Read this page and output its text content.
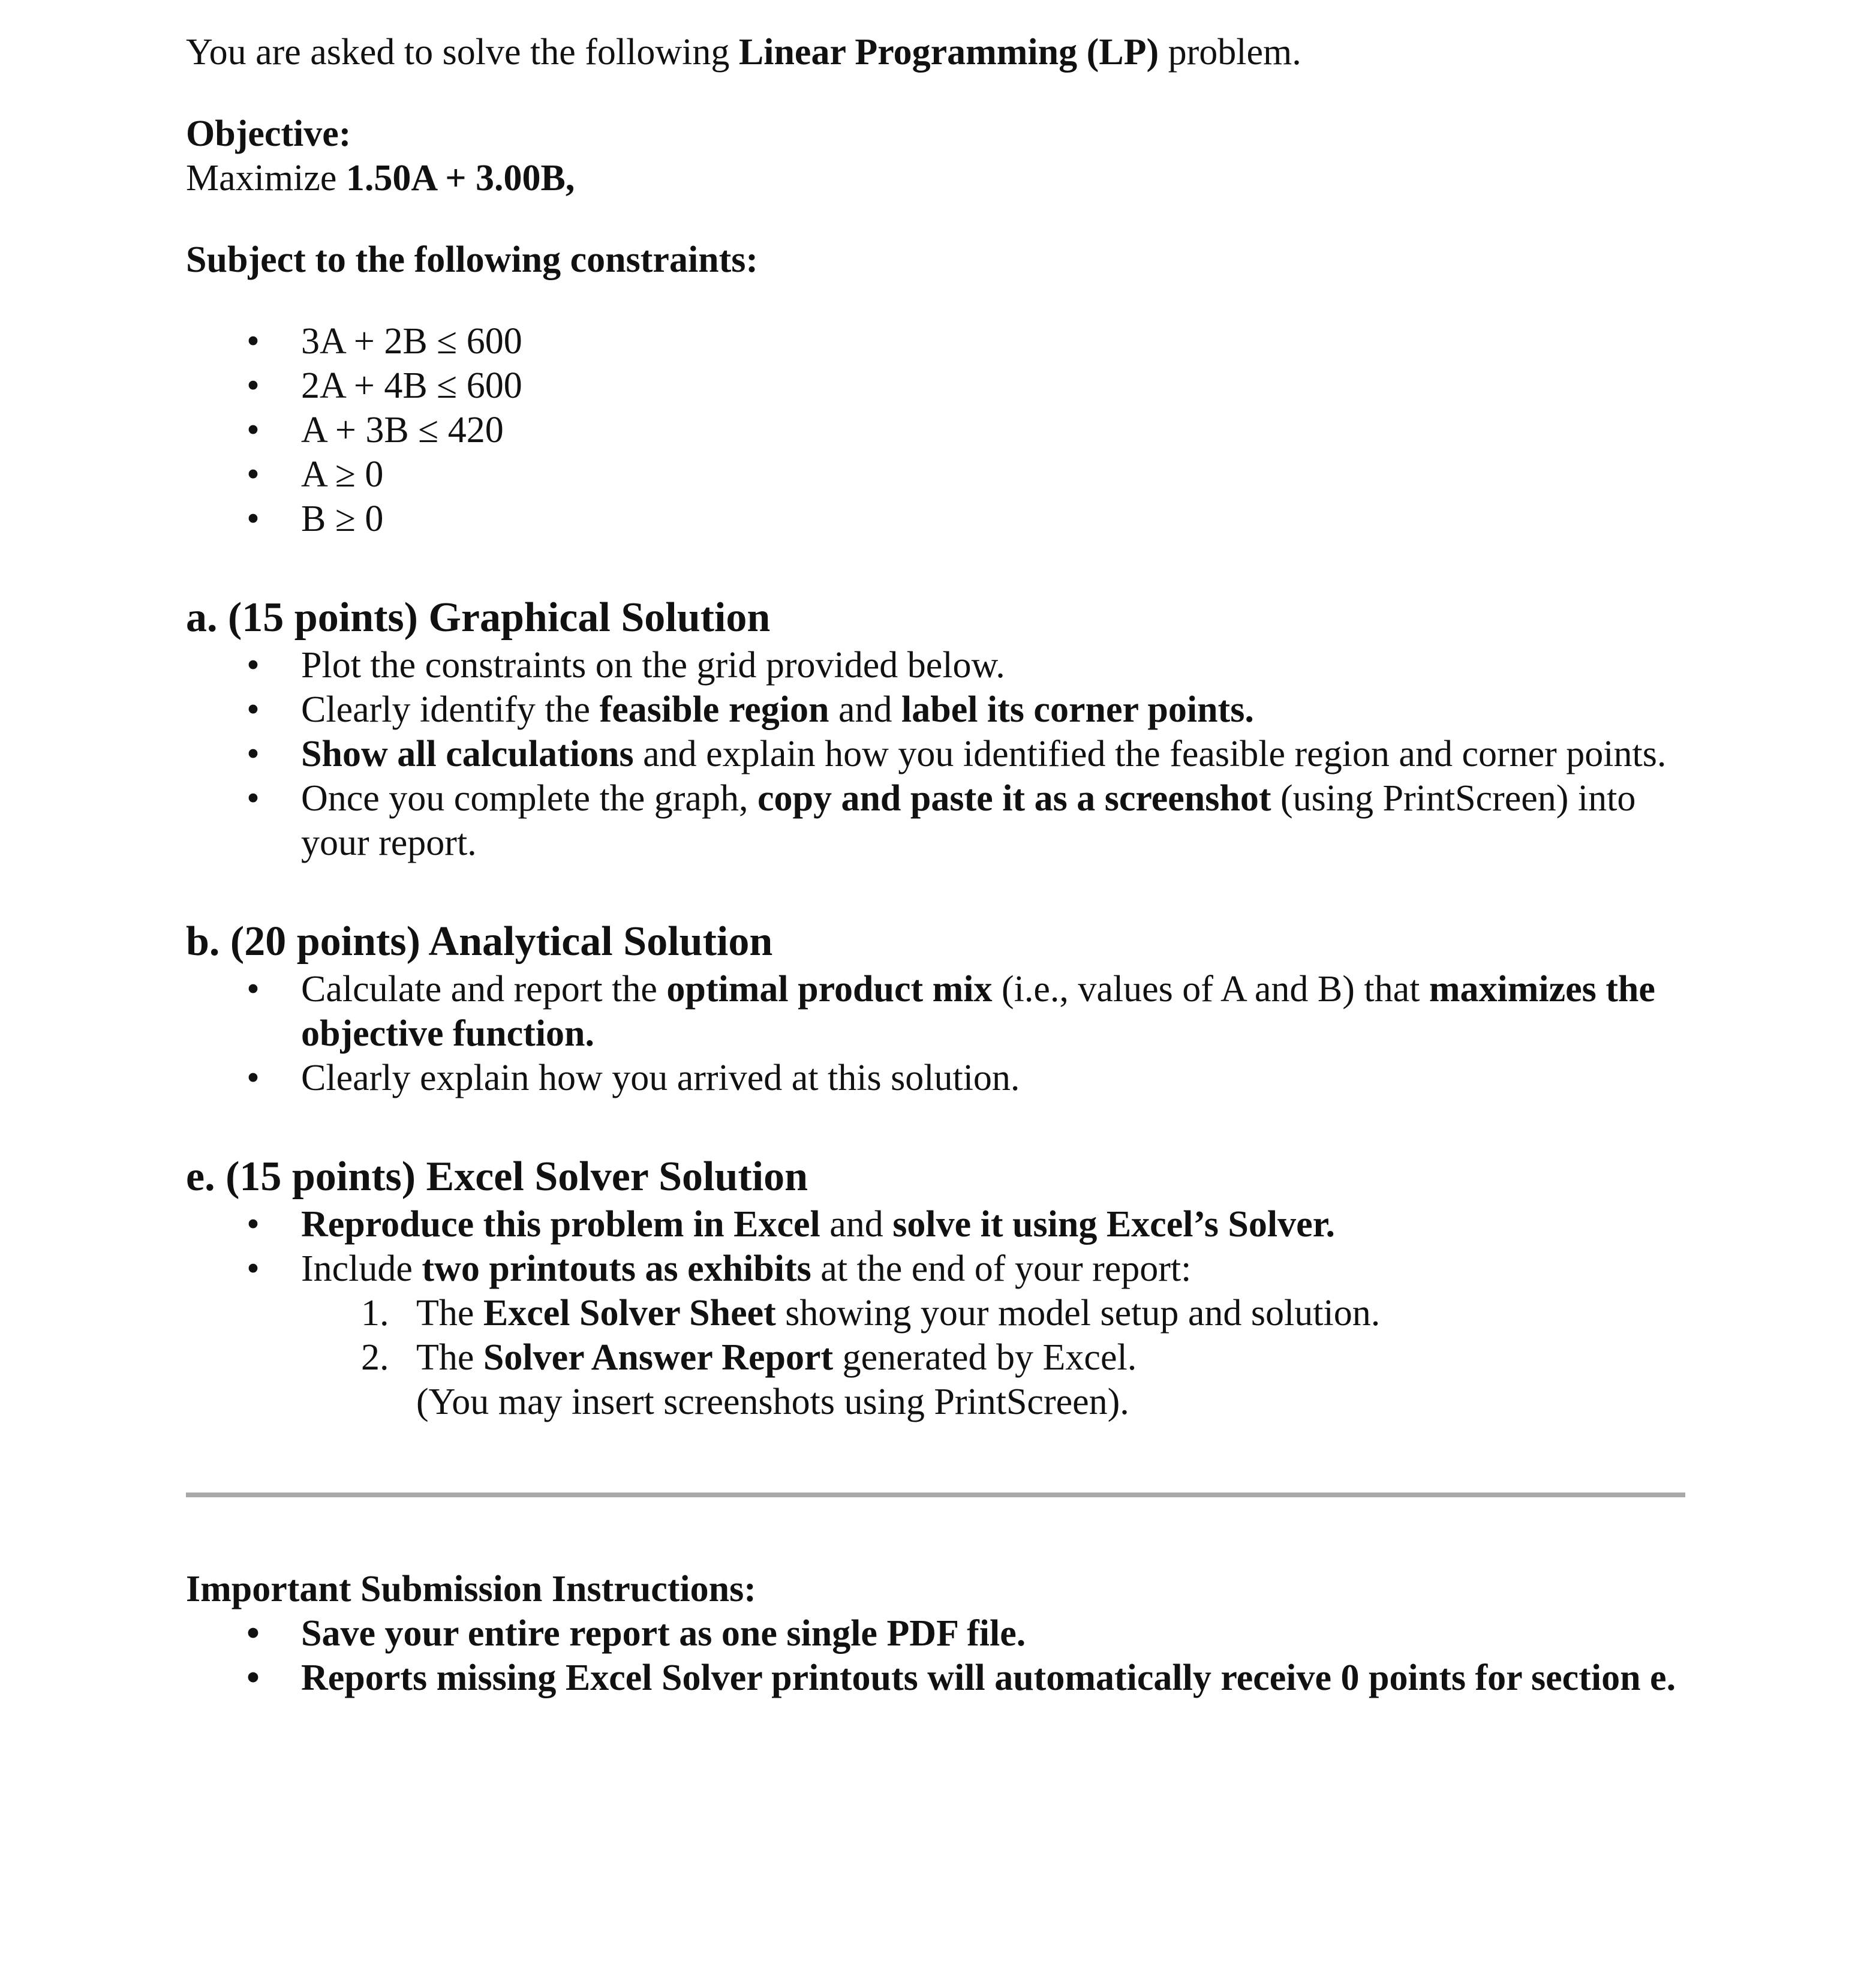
You are asked to solve the following Linear Programming (LP) problem.

Objective:

Maximize 1.50A + 3.00B,

Subject to the following constraints:

• 3A + 2B ≤ 600
• 2A + 4B ≤ 600
• A + 3B ≤ 420
• A ≥ 0
• B ≥ 0

a. (15 points) Graphical Solution

• Plot the constraints on the grid provided below.
• Clearly identify the feasible region and label its corner points.
• Show all calculations and explain how you identified the feasible region and corner points.
• Once you complete the graph, copy and paste it as a screenshot (using PrintScreen) into your report.

b. (20 points) Analytical Solution

• Calculate and report the optimal product mix (i.e., values of A and B) that maximizes the objective function.
• Clearly explain how you arrived at this solution.

e. (15 points) Excel Solver Solution

• Reproduce this problem in Excel and solve it using Excel’s Solver.
• Include two printouts as exhibits at the end of your report:
1. The Excel Solver Sheet showing your model setup and solution.
2. The Solver Answer Report generated by Excel.
(You may insert screenshots using PrintScreen).

Important Submission Instructions:

• Save your entire report as one single PDF file.
• Reports missing Excel Solver printouts will automatically receive 0 points for section e.
